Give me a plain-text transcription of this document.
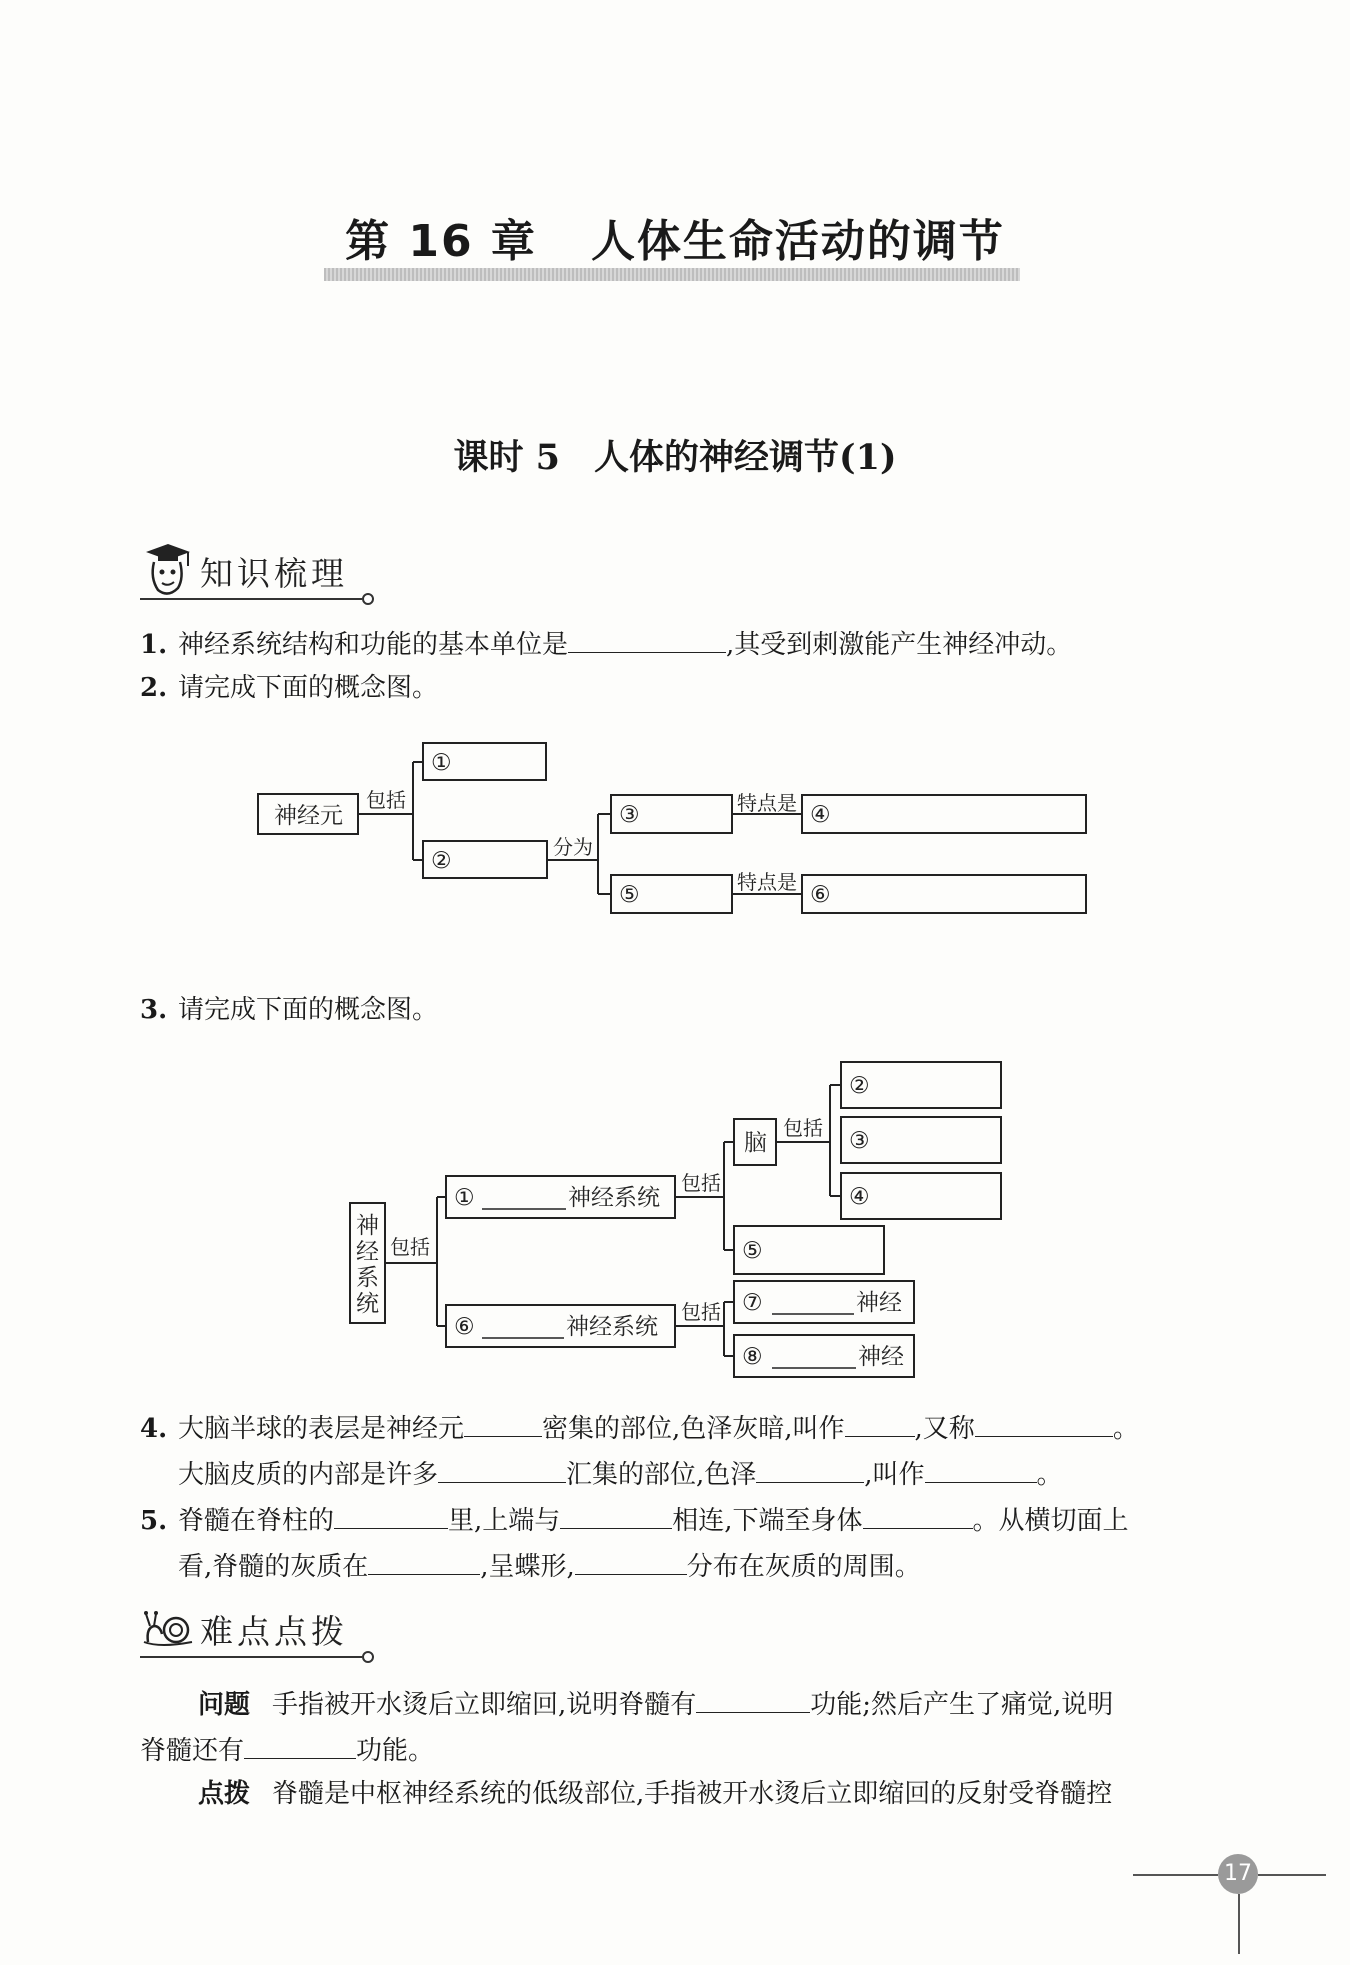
第 16 章 人体生命活动的调节
课时 5 人体的神经调节(1)
知识梳理
1. 神经系统结构和功能的基本单位是	,其受到刺激能产生神经冲动。
2. 请完成下面的概念图。
神经元
包括
分为
特点是
特点是
①
②
③
⑤
④
⑥
3. 请完成下面的概念图。
神
经
系
统
包括
包括
包括
包括
①	神经系统
⑥	神经系统
脑
②
③
④
⑤
⑦	神经
⑧	神经
4. 大脑半球的表层是神经元	密集的部位,色泽灰暗,叫作	,又称	。
大脑皮质的内部是许多	汇集的部位,色泽	,叫作	。
5. 脊髓在脊柱的	里,上端与	相连,下端至身体	。从横切面上
看,脊髓的灰质在	,呈蝶形,	分布在灰质的周围。
难点点拨
问题 手指被开水烫后立即缩回,说明脊髓有	功能;然后产生了痛觉,说明
脊髓还有	功能。
点拨 脊髓是中枢神经系统的低级部位,手指被开水烫后立即缩回的反射受脊髓控
17
